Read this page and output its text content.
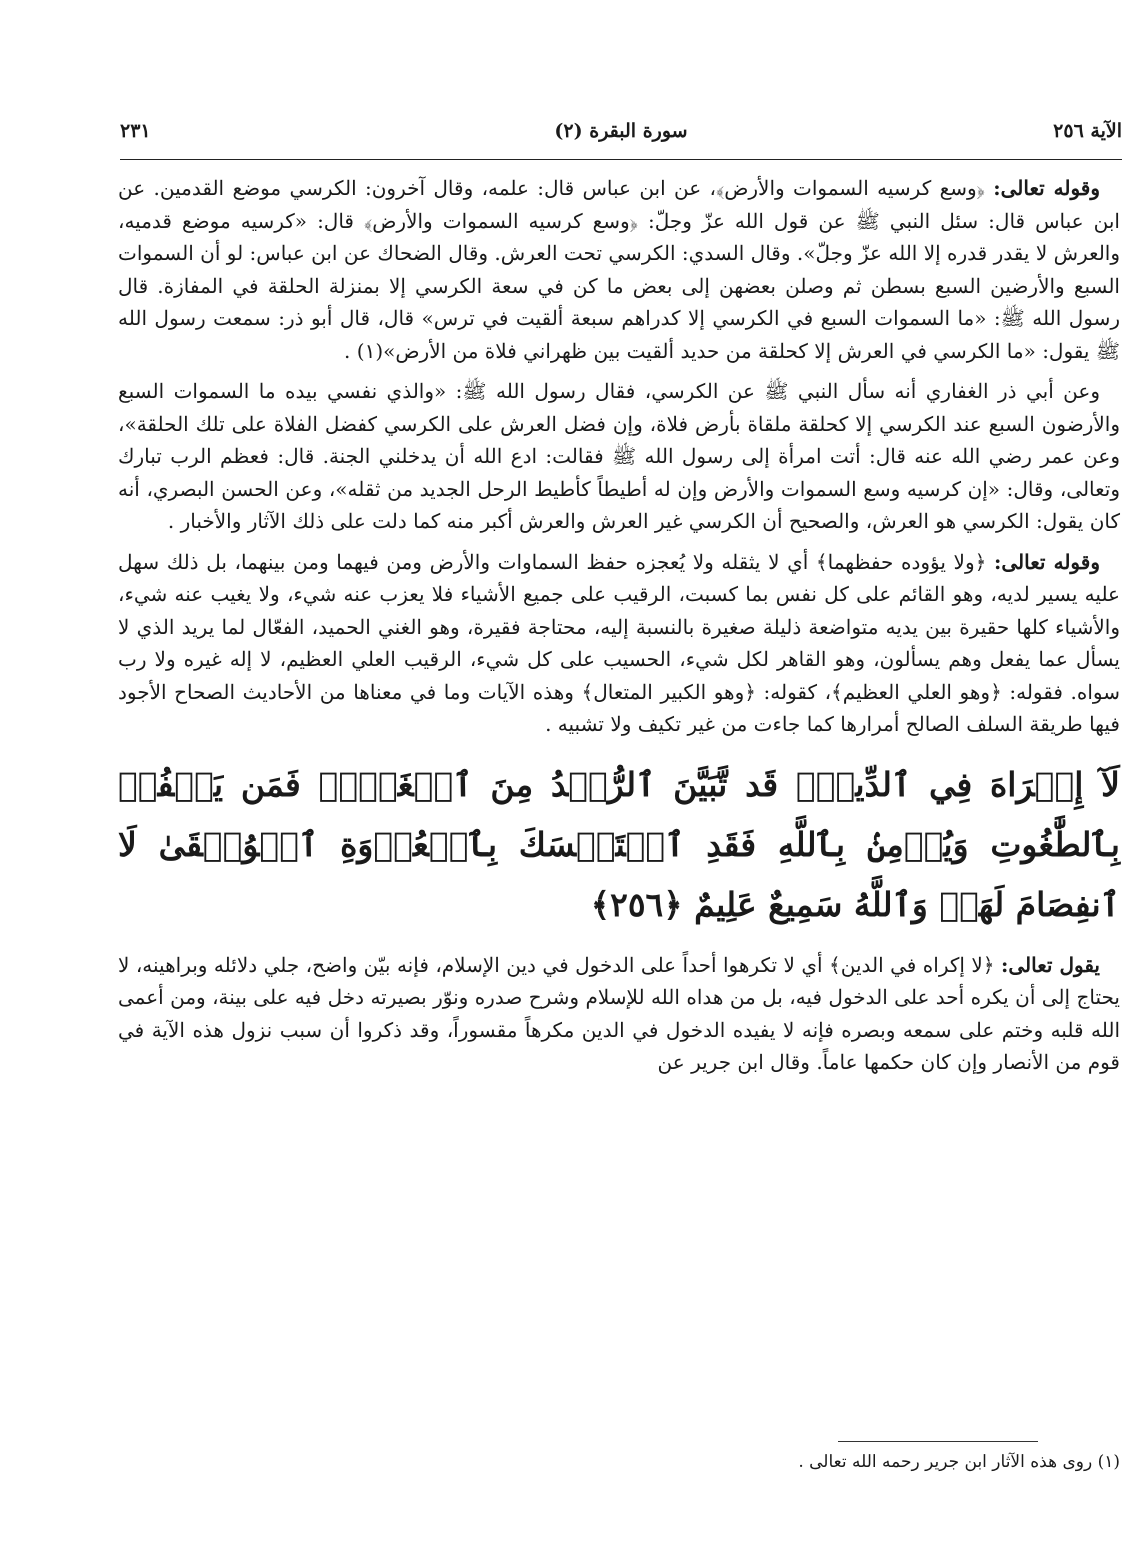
الآية ٢٥٦
(٢) سورة البقرة
٢٣١

وقوله تعالى: ﴿وسع كرسيه السموات والأرض﴾، عن ابن عباس قال: علمه، وقال آخرون: الكرسي موضع القدمين. عن ابن عباس قال: سئل النبي ﷺ عن قول الله عزّ وجلّ: ﴿وسع كرسيه السموات والأرض﴾ قال: «كرسيه موضع قدميه، والعرش لا يقدر قدره إلا الله عزّ وجلّ». وقال السدي: الكرسي تحت العرش. وقال الضحاك عن ابن عباس: لو أن السموات السبع والأرضين السبع بسطن ثم وصلن بعضهن إلى بعض ما كن في سعة الكرسي إلا بمنزلة الحلقة في المفازة. قال رسول الله ﷺ: «ما السموات السبع في الكرسي إلا كدراهم سبعة ألقيت في ترس» قال، قال أبو ذر: سمعت رسول الله ﷺ يقول: «ما الكرسي في العرش إلا كحلقة من حديد ألقيت بين ظهراني فلاة من الأرض»(١) .

وعن أبي ذر الغفاري أنه سأل النبي ﷺ عن الكرسي، فقال رسول الله ﷺ: «والذي نفسي بيده ما السموات السبع والأرضون السبع عند الكرسي إلا كحلقة ملقاة بأرض فلاة، وإن فضل العرش على الكرسي كفضل الفلاة على تلك الحلقة»، وعن عمر رضي الله عنه قال: أتت امرأة إلى رسول الله ﷺ فقالت: ادع الله أن يدخلني الجنة. قال: فعظم الرب تبارك وتعالى، وقال: «إن كرسيه وسع السموات والأرض وإن له أطيطاً كأطيط الرحل الجديد من ثقله»، وعن الحسن البصري، أنه كان يقول: الكرسي هو العرش، والصحيح أن الكرسي غير العرش والعرش أكبر منه كما دلت على ذلك الآثار والأخبار .

وقوله تعالى: ﴿ولا يؤوده حفظهما﴾ أي لا يثقله ولا يُعجزه حفظ السماوات والأرض ومن فيهما ومن بينهما، بل ذلك سهل عليه يسير لديه، وهو القائم على كل نفس بما كسبت، الرقيب على جميع الأشياء فلا يعزب عنه شيء، ولا يغيب عنه شيء، والأشياء كلها حقيرة بين يديه متواضعة ذليلة صغيرة بالنسبة إليه، محتاجة فقيرة، وهو الغني الحميد، الفعّال لما يريد الذي لا يسأل عما يفعل وهم يسألون، وهو القاهر لكل شيء، الحسيب على كل شيء، الرقيب العلي العظيم، لا إله غيره ولا رب سواه. فقوله: ﴿وهو العلي العظيم﴾، كقوله: ﴿وهو الكبير المتعال﴾ وهذه الآيات وما في معناها من الأحاديث الصحاح الأجود فيها طريقة السلف الصالح أمرارها كما جاءت من غير تكيف ولا تشبيه .

لَآ إِكۡرَاهَ فِي ٱلدِّينِۖ قَد تَّبَيَّنَ ٱلرُّشۡدُ مِنَ ٱلۡغَيِّۚ فَمَن يَكۡفُرۡ بِٱلطَّٰغُوتِ وَيُؤۡمِنۢ بِٱللَّهِ فَقَدِ ٱسۡتَمۡسَكَ بِٱلۡعُرۡوَةِ ٱلۡوُثۡقَىٰ لَا ٱنفِصَامَ لَهَاۗ وَٱللَّهُ سَمِيعٌ عَلِيمٌ ﴿٢٥٦﴾

يقول تعالى: ﴿لا إكراه في الدين﴾ أي لا تكرهوا أحداً على الدخول في دين الإسلام، فإنه بيّن واضح، جلي دلائله وبراهينه، لا يحتاج إلى أن يكره أحد على الدخول فيه، بل من هداه الله للإسلام وشرح صدره ونوّر بصيرته دخل فيه على بينة، ومن أعمى الله قلبه وختم على سمعه وبصره فإنه لا يفيده الدخول في الدين مكرهاً مقسوراً، وقد ذكروا أن سبب نزول هذه الآية في قوم من الأنصار وإن كان حكمها عاماً. وقال ابن جرير عن

(١) روى هذه الآثار ابن جرير رحمه الله تعالى .
